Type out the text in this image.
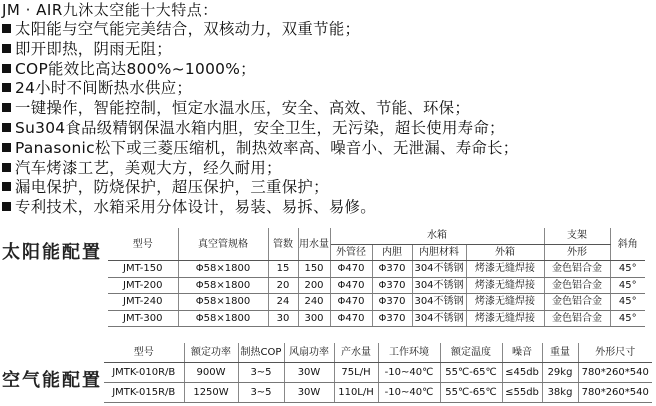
JM · AIR九沐太空能十大特点：
太阳能与空气能完美结合，双核动力，双重节能；
即开即热，阴雨无阻；
COP能效比高达800%~1000%；
24小时不间断热水供应；
一键操作，智能控制，恒定水温水压，安全、高效、节能、环保；
Su304食品级精钢保温水箱内胆，安全卫生，无污染，超长使用寿命；
Panasonic松下或三菱压缩机，制热效率高、噪音小、无泄漏、寿命长；
汽车烤漆工艺，美观大方，经久耐用；
漏电保护，防烧保护，超压保护，三重保护；
专利技术，水箱采用分体设计，易装、易拆、易修。
太阳能配置	型号	真空管规格	管数	用水量	水箱				支架	斜角
				外管径	内胆	内胆材料	外箱	外形	
JMT-150	Φ58×1800	15	150	Φ470	Φ370	304不锈钢	烤漆无缝焊接	金色铝合金	45°
JMT-200	Φ58×1800	20	200	Φ470	Φ370	304不锈钢	烤漆无缝焊接	金色铝合金	45°
JMT-240	Φ58×1800	24	240	Φ470	Φ370	304不锈钢	烤漆无缝焊接	金色铝合金	45°
JMT-300	Φ58×1800	30	300	Φ470	Φ370	304不锈钢	烤漆无缝焊接	金色铝合金	45°
空气能配置
型号	额定功率	制热COP	风扇功率	产水量	工作环境	额定温度	噪音	重量	外形尺寸
JMTK-010R/B	900W	3~5	30W	75L/H	-10~40℃	55℃-65℃	≤45db	29kg	780*260*540
JMTK-015R/B	1250W	3~5	30W	110L/H	-10~40℃	55℃-65℃	≤55db	38kg	780*260*540
